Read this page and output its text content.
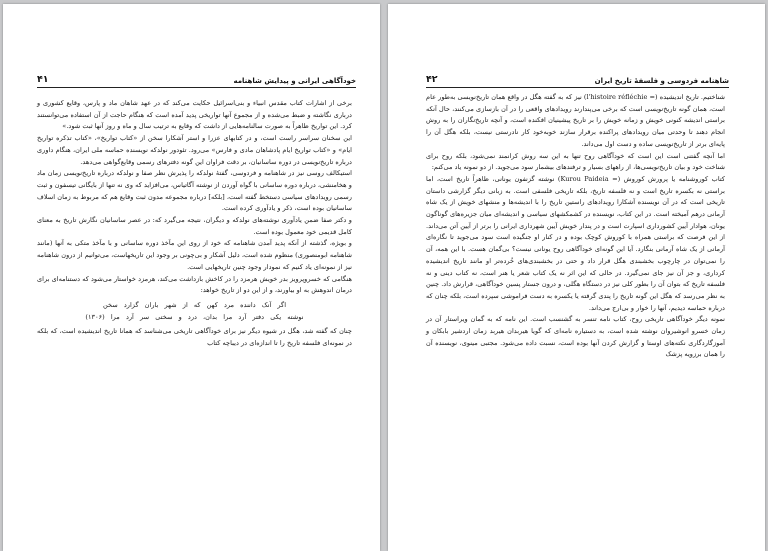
۴۱	خودآگاهی ایرانی و پیدایش شاهنامه

برخی از اشارات کتاب مقدس انبیاء و بنی‌اسرائیل حکایت می‌کند که در عهد شاهان ماد و پارس، وقایع کشوری و درباری نگاشته و ضبط می‌شده و از مجموع آنها تواریخی پدید آمده است که هنگام حاجت از آن استفاده می‌توانستند کرد. این تواریخ ظاهراً به صورت سالنامه‌هایی از داشت که وقایع به ترتیب سال و ماه و روز آنها ثبت شود.»

این سخنان سراسر راست است، و در کتابهای عزرا و استر آشکارا سخن از «کتاب تواریخ»، «کتاب تذکره تواریخ ایام» و «کتاب تواریخ ایام پادشاهان مادی و فارس» می‌رود. تئودور نولدکه نویسنده حماسه ملی ایران، هنگام داوری درباره تاریخ‌نویسی در دوره ساسانیان، بر دقت فراوان این گونه دفترهای رسمی وقایع‌گواهی می‌دهد.

استیکالف روسی نیز در شاهنامه و فردوسی، گفتهٔ نولدکه را پذیرش نظر صفا و نولدکه درباره تاریخ‌نویسی زمان ماد و هخامنشی، درباره دوره ساسانی با گواه آوردن از نوشته آگاتیاس، می‌افزاید که وی نه تنها از بایگانی تیسفون و ثبت رسمی رویدادهای سیاسی دستخط گفته است، [بلکه] درباره مجموعه مدون ثبت وقایع هم که مربوط به زمان اسلاف ساسانیان بوده است، ذکر و یادآوری کرده است.

و دکتر صفا ضمن یادآوری نوشته‌های نولدکه و دیگران، نتیجه می‌گیرد که: در عصر ساسانیان نگارش تاریخ به معنای کامل قدیمی خود معمول بوده است.

و بویژه، گذشته از آنکه پدید آمدن شاهنامه که خود از روی این مآخذ دوره ساسانی و با مآخذ متکی به آنها (مانند شاهنامه ابومنصوری) منظوم شده است، دلیل آشکار و بی‌چونی بر وجود این تاریخهاست، می‌توانیم از درون شاهنامه نیز از نمونه‌ای یاد کنیم که نمودار وجود چنین تاریخهایی است.

هنگامی که خسروپرویز بدر خویش هرمزد را در کاخش بازداشت می‌کند، هرمزد خواستار می‌شود که دستنامه‌ای برای درمان اندوهش به او بیاورند، و از این دو از تاریخ خواهد:

اگر آنک داننده مرد کهن که از شهر باران گزارد سخن
نوشته یکی دفتر آرد مرا بدان، درد و سختی سر آرد مرا (۱۳۰۶)

چنان که گفته شد، هگل در شیوه دیگر نیز برای خودآگاهی تاریخی می‌شناسد که همانا تاریخ اندیشیده است، که بلکه در نمونه‌ای فلسفه تاریخ را تا اندازه‌ای در دیباچه کتاب

۴۲	شاهنامه فردوسی و فلسفهٔ تاریخ ایران

شناختیم. تاریخ اندیشیده (= l'histoire réfléchie) نیز که به گفته هگل در واقع همان تاریخ‌نویسی به‌طور عام است، همان گونه تاریخ‌نویسی است که برخی می‌پندارند رویدادهای واقعی را در آن بازسازی می‌کنند، حال آنکه براستی اندیشه کنونی خویش و زمانه خویش را بر تاریخ پیشینیان افکنده است، و آنچه تاریخ‌نگاران را به روش انجام دهند تا وحدتی میان رویدادهای پراکنده برقرار سازند خوبه‌خود کار نادرستی نیست، بلکه هگل آن را پایه‌ای برتر از تاریخ‌نویسی ساده و دست اول می‌داند.

اما آنچه گفتنی است این است که خودآگاهی روح تنها به این سه روش کرانمند نمی‌شود، بلکه روح برای شناخت خود و بیان تاریخ‌نویسی‌ها، از راههای بسیار و ترفندهای بیشمار سود می‌جوید. از دو نمونه یاد می‌کنم:

کتاب کوروشنامه یا پرورش کوروش (= Kurou Paideia) نوشته گزنفون یونانی، ظاهراً تاریخ است، اما براستی نه بکسره تاریخ است و نه فلسفه تاریخ، بلکه تاریخی فلسفی است. به زبانی دیگر گزارشی داستان تاریخی است که در آن نویسنده آشکارا رویدادهای راستین تاریخ را با اندیشه‌ها و منشهای خویش از یک شاه آرمانی درهم آمیخته است. در این کتاب، نویسنده در کشمکشهای سیاسی و اندیشه‌ای میان جزیره‌های گوناگون یونان، هوادار آیین کشورداری اسپارت است و در پندار خویش آیین شهرداری ایرانی را برتر از آیین آتن می‌داند. از این فرصت که براستی همراه با کوروش کوچک بوده و در کنار او جنگیده است سود می‌جوید تا نگاره‌ای آرمانی از یک شاه آرمانی بنگارد. آیا این گونه‌ای خودآگاهی روح یونانی نیست؟ بی‌گمان هست. با این همه، آن را نمی‌توان در چارچوب بخشبندی هگل قرار داد و حتی در بخشبندی‌های خُرده‌تر او مانند تاریخ اندیشیده کرداری، و جز آن نیز جای نمی‌گیرد. در حالی که این اثر نه یک کتاب شعر یا هنر است، نه کتاب دینی و نه فلسفه تاریخ که بتوان آن را بطور کلی نیز در دستگاه هگلی، و درون جستار پسین خودآگاهی، قرارش داد. چنین به نظر می‌رسد که هگل این گونه تاریخ را پندی گرفته یا یکسره به دست فراموشی سپرده است، بلکه چنان که درباره حماسه دیدیم، آنها را خوار و بی‌ارج می‌داند.

نمونه دیگر خودآگاهی تاریخی روح، کتاب نامه تنسر به گشنسب است. این نامه که به گمان ویراستار آن در زمان خسرو انوشیروان نوشته شده است، به دستیاره نامه‌ای که گویا هیربدان هیربد زمان اردشیر بابکان و آموزگاردگاری نکته‌های اوستا و گزارش کردن آنها بوده است، نسبت داده می‌شود. مجتبی مینوی، نویسنده آن را همان برزویه پزشک
